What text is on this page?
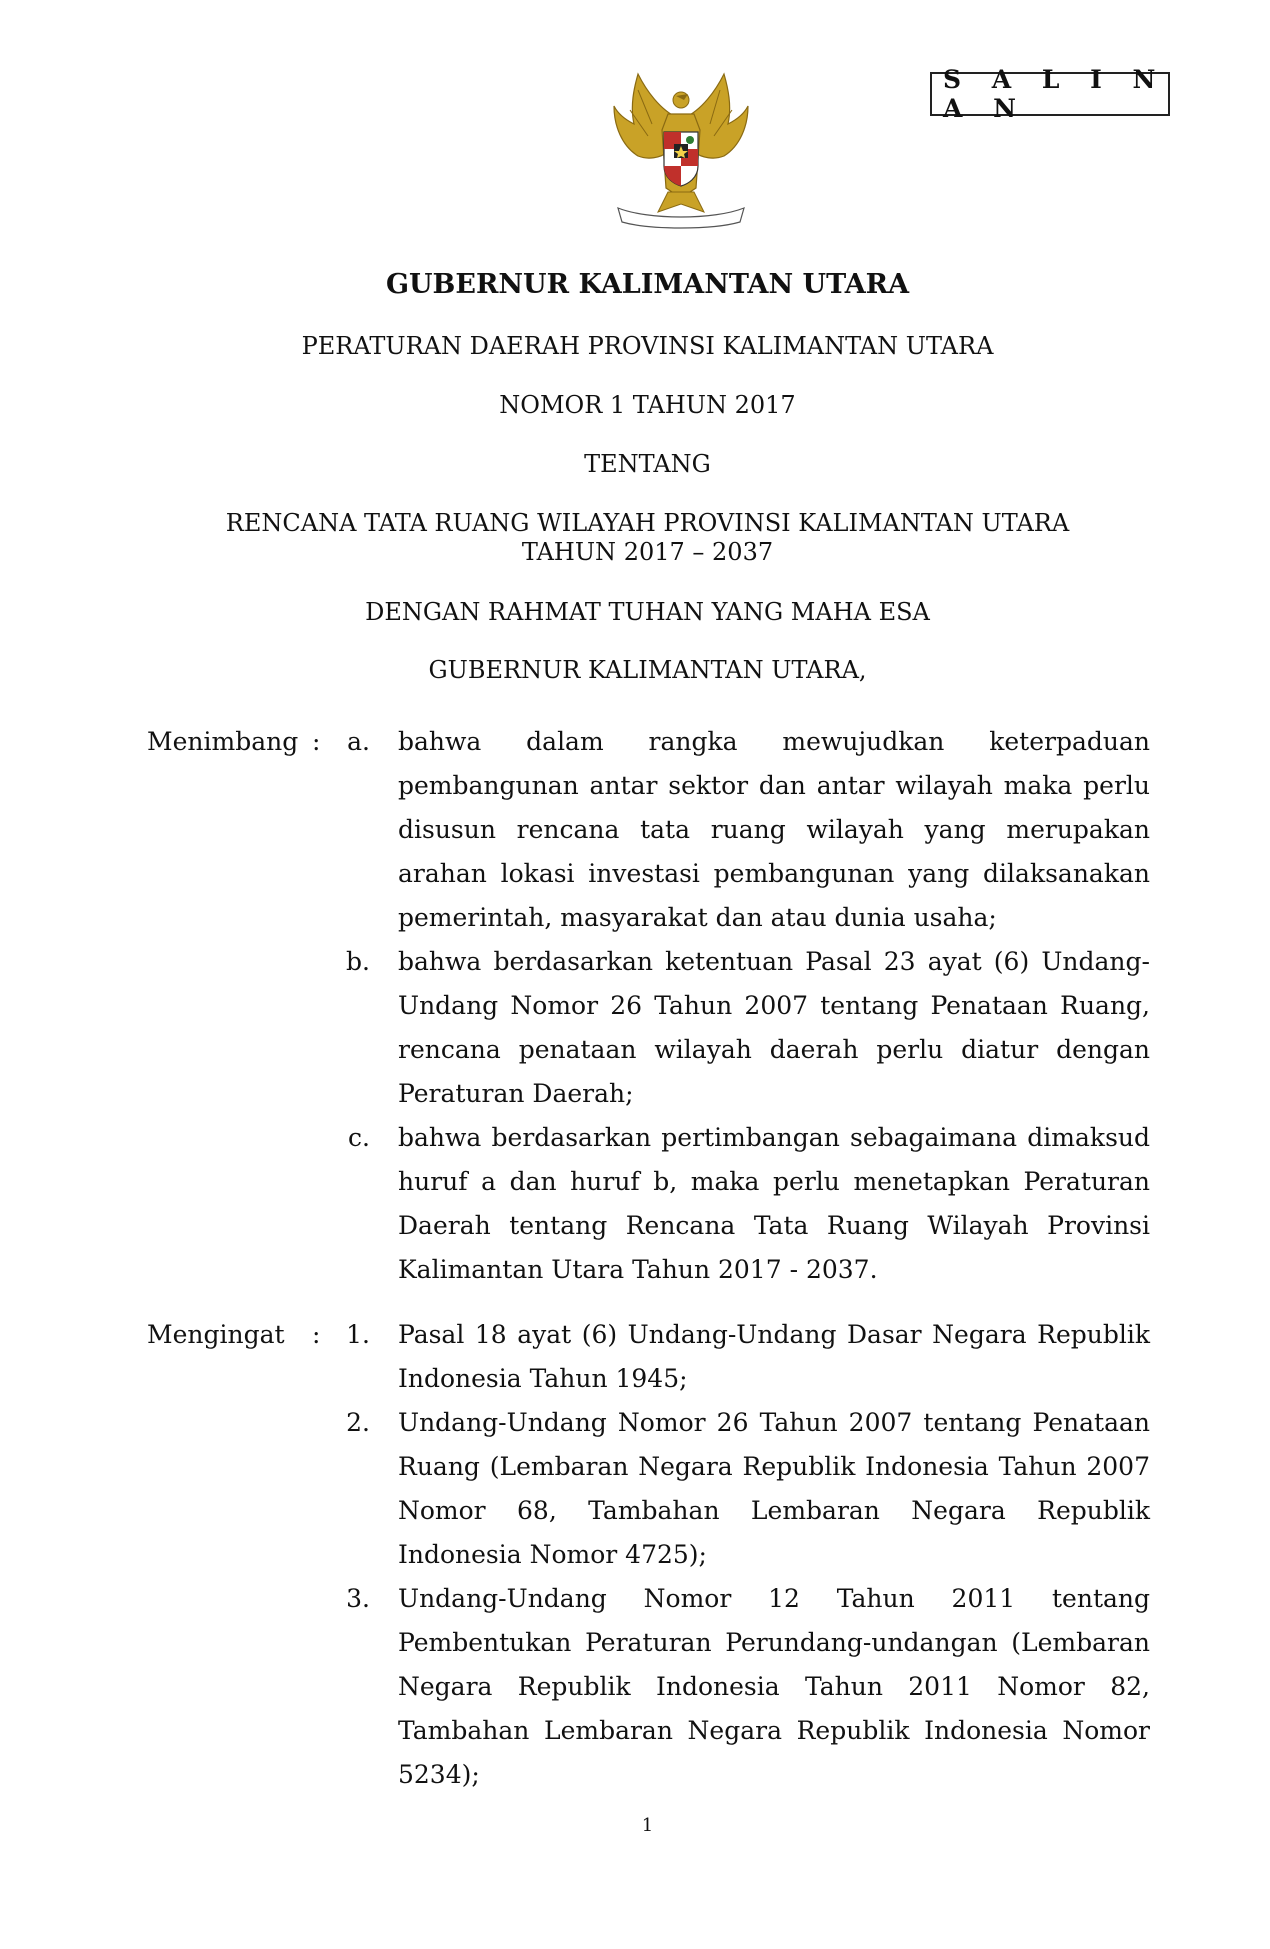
S A L I N A N
GUBERNUR KALIMANTAN UTARA
PERATURAN DAERAH PROVINSI KALIMANTAN UTARA
NOMOR 1 TAHUN 2017
TENTANG
RENCANA TATA RUANG WILAYAH PROVINSI KALIMANTAN UTARA
TAHUN 2017 – 2037
DENGAN RAHMAT TUHAN YANG MAHA ESA
GUBERNUR KALIMANTAN UTARA,
Menimbang : a. bahwa dalam rangka mewujudkan keterpaduan pembangunan antar sektor dan antar wilayah maka perlu disusun rencana tata ruang wilayah yang merupakan arahan lokasi investasi pembangunan yang dilaksanakan pemerintah, masyarakat dan atau dunia usaha;

b. bahwa berdasarkan ketentuan Pasal 23 ayat (6) Undang-Undang Nomor 26 Tahun 2007 tentang Penataan Ruang, rencana penataan wilayah daerah perlu diatur dengan Peraturan Daerah;

c. bahwa berdasarkan pertimbangan sebagaimana dimaksud huruf a dan huruf b, maka perlu menetapkan Peraturan Daerah tentang Rencana Tata Ruang Wilayah Provinsi Kalimantan Utara Tahun 2017 - 2037.

Mengingat : 1. Pasal 18 ayat (6) Undang-Undang Dasar Negara Republik Indonesia Tahun 1945;

2. Undang-Undang Nomor 26 Tahun 2007 tentang Penataan Ruang (Lembaran Negara Republik Indonesia Tahun 2007 Nomor 68, Tambahan Lembaran Negara Republik Indonesia Nomor 4725);

3. Undang-Undang Nomor 12 Tahun 2011 tentang Pembentukan Peraturan Perundang-undangan (Lembaran Negara Republik Indonesia Tahun 2011 Nomor 82, Tambahan Lembaran Negara Republik Indonesia Nomor 5234);

1
